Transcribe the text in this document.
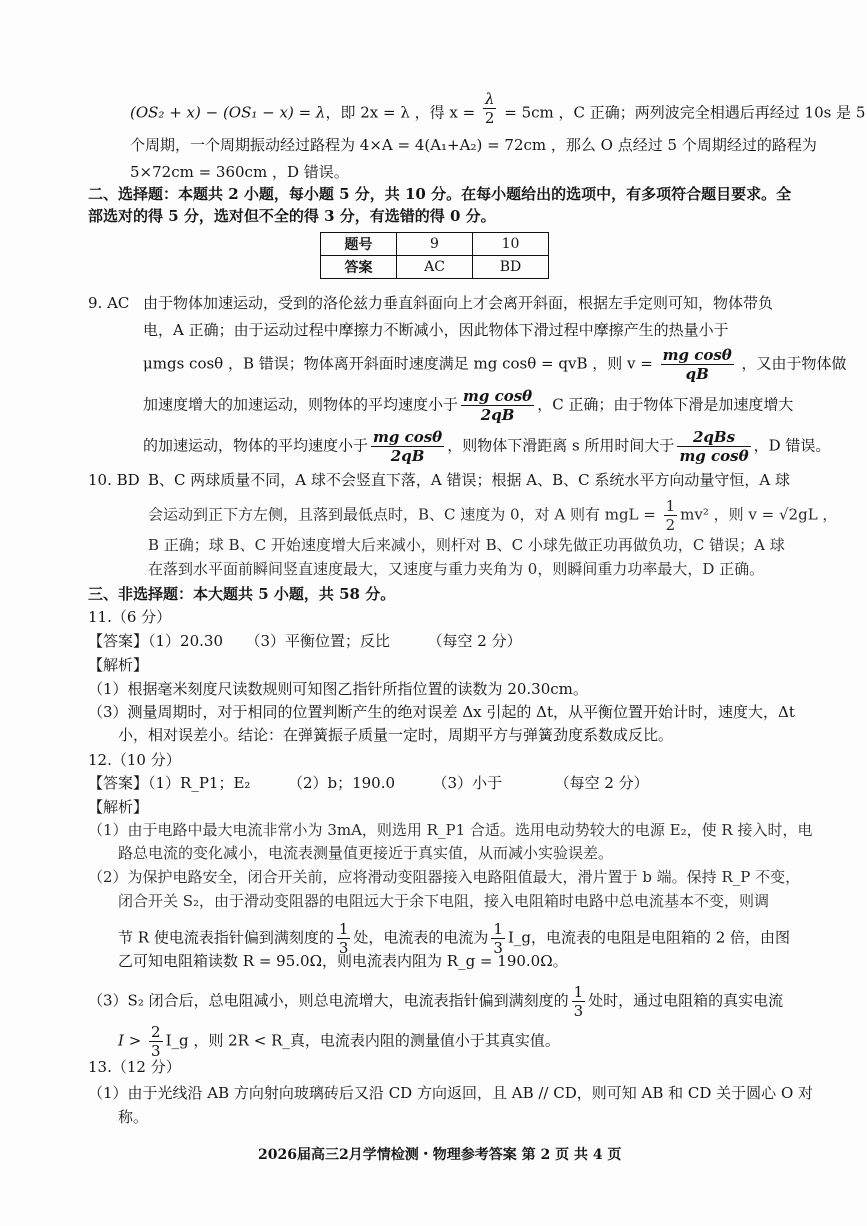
(OS₂ + x) − (OS₁ − x) = λ，即 2x = λ ，得 $x = \frac{\lambda}{2} = 5cm$ ，C 正确；两列波完全相遇后再经过 10s 是 5
个周期，一个周期振动经过路程为 4×A = 4(A₁+A₂) = 72cm ，那么 O 点经过 5 个周期经过的路程为
5×72cm = 360cm ，D 错误。
二、选择题：本题共 2 小题，每小题 5 分，共 10 分。在每小题给出的选项中，有多项符合题目要求。全
部选对的得 5 分，选对但不全的得 3 分，有选错的得 0 分。
题号	9	10
答案	AC	BD
9. AC 由于物体加速运动，受到的洛伦兹力垂直斜面向上才会离开斜面，根据左手定则可知，物体带负
电，A 正确；由于运动过程中摩擦力不断减小，因此物体下滑过程中摩擦产生的热量小于
μmgs cosθ ，B 错误；物体离开斜面时速度满足 mg cosθ = qvB ，则 $v = \frac{\text{mg cosθ}}{qB}$ ，又由于物体做
加速度增大的加速运动，则物体的平均速度小于 $\frac{\text{mg cosθ}}{2qB}$ ，C 正确；由于物体下滑是加速度增大
的加速运动，物体的平均速度小于 $\frac{\text{mg cosθ}}{2qB}$ ，则物体下滑距离 s 所用时间大于	2qBs
mg cosθ
，D 错误。
10. BD B、C 两球质量不同，A 球不会竖直下落，A 错误；根据 A、B、C 系统水平方向动量守恒，A 球
会运动到正下方左侧，且落到最低点时，B、C 速度为 0，对 A 则有 mgL = $\frac{1}{2} mv^2$ ，则 v = √2gL ，
B 正确；球 B、C 开始速度增大后来减小，则杆对 B、C 小球先做正功再做负功，C 错误；A 球
在落到水平面前瞬间竖直速度最大，又速度与重力夹角为 0，则瞬间重力功率最大，D 正确。
三、非选择题：本大题共 5 小题，共 58 分。
11.（6 分）
【答案】（1）20.30　　（3）平衡位置；反比　　　（每空 2 分）
【解析】
（1）根据毫米刻度尺读数规则可知图乙指针所指位置的读数为 20.30cm。
（3）测量周期时，对于相同的位置判断产生的绝对误差 Δx 引起的 Δt，从平衡位置开始计时，速度大，Δt
小，相对误差小。结论：在弹簧振子质量一定时，周期平方与弹簧劲度系数成反比。
12.（10 分）
【答案】（1）R_P1；E₂　　　（2）b；190.0　　　（3）小于　　　　（每空 2 分）
【解析】
（1）由于电路中最大电流非常小为 3mA，则选用 R_P1 合适。选用电动势较大的电源 E₂，使 R 接入时，电
路总电流的变化减小，电流表测量值更接近于真实值，从而减小实验误差。
（2）为保护电路安全，闭合开关前，应将滑动变阻器接入电路阻值最大，滑片置于 b 端。保持 R_P 不变，
闭合开关 S₂，由于滑动变阻器的电阻远大于余下电阻，接入电阻箱时电路中总电流基本不变，则调
节 R 使电流表指针偏到满刻度的 $\frac{1}{3}$ 处，电流表的电流为 $\frac{1}{3}$ I_g，电流表的电阻是电阻箱的 2 倍，由图
乙可知电阻箱读数 R = 95.0Ω，则电流表内阻为 R_g = 190.0Ω。
（3）S₂ 闭合后，总电阻减小，则总电流增大，电流表指针偏到满刻度的 $\frac{1}{3}$ 处时，通过电阻箱的真实电流
$I > \frac{2}{3}$ I_g ，则 2R < R_真，电流表内阻的测量值小于其真实值。
13.（12 分）
（1）由于光线沿 AB 方向射向玻璃砖后又沿 CD 方向返回，且 AB // CD，则可知 AB 和 CD 关于圆心 O 对
称。
2026届高三2月学情检测・物理参考答案 第 2 页 共 4 页
